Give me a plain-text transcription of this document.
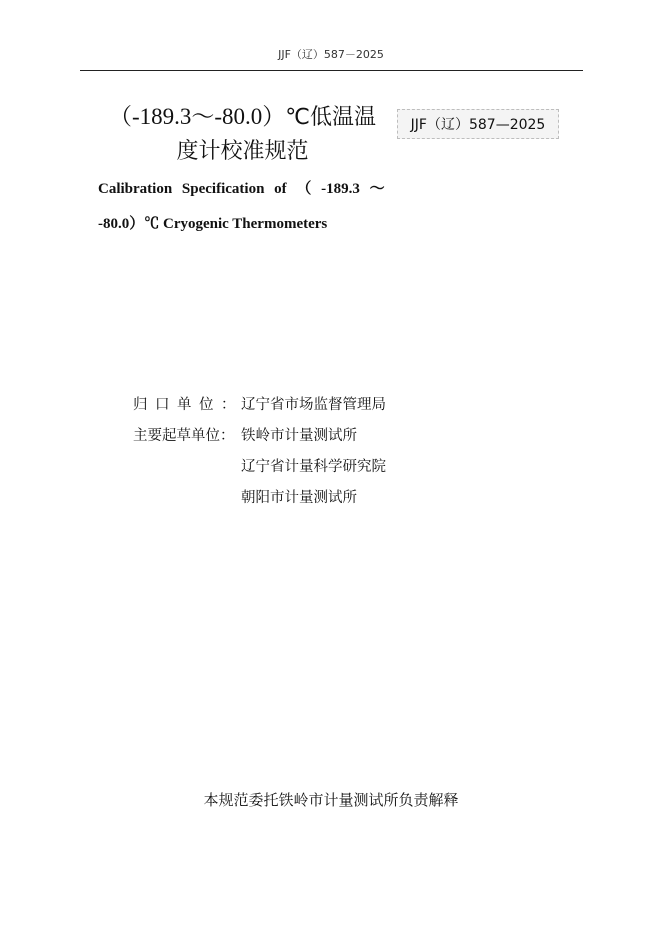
JJF（辽）587－2025
（-189.3～-80.0）℃低温温
度计校准规范
JJF（辽）587—2025
Calibration Specification of （ -189.3 ～
-80.0）℃ Cryogenic Thermometers
归口单位：辽宁省市场监督管理局
主要起草单位： 铁岭市计量测试所
辽宁省计量科学研究院
朝阳市计量测试所
本规范委托铁岭市计量测试所负责解释
